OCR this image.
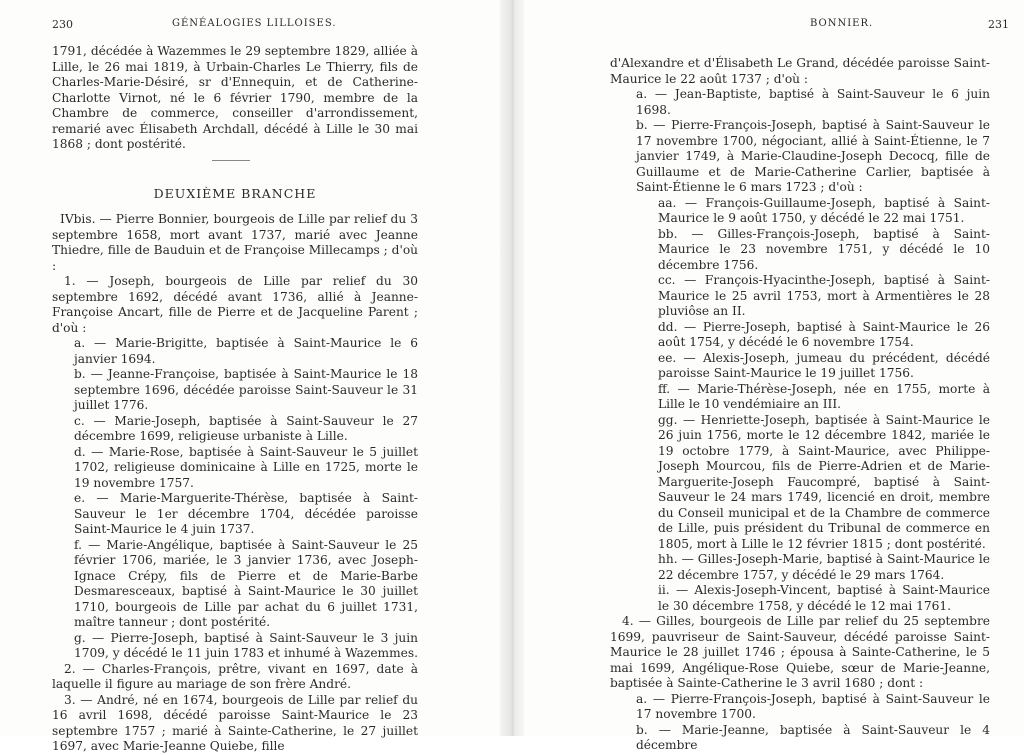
230	GÉNÉALOGIES LILLOISES.

1791, décédée à Wazemmes le 29 septembre 1829, alliée à Lille, le 26 mai 1819, à Urbain-Charles Le Thierry, fils de Charles-Marie-Désiré, sr d'Ennequin, et de Catherine-Charlotte Virnot, né le 6 février 1790, membre de la Chambre de commerce, conseiller d'arrondissement, remarié avec Élisabeth Archdall, décédé à Lille le 30 mai 1868 ; dont postérité.

DEUXIÈME BRANCHE

IVbis. — Pierre Bonnier, bourgeois de Lille par relief du 3 septembre 1658, mort avant 1737, marié avec Jeanne Thiedre, fille de Bauduin et de Françoise Millecamps ; d'où :

1. — Joseph, bourgeois de Lille par relief du 30 septembre 1692, décédé avant 1736, allié à Jeanne-Françoise Ancart, fille de Pierre et de Jacqueline Parent ; d'où :

a. — Marie-Brigitte, baptisée à Saint-Maurice le 6 janvier 1694.

b. — Jeanne-Françoise, baptisée à Saint-Maurice le 18 septembre 1696, décédée paroisse Saint-Sauveur le 31 juillet 1776.

c. — Marie-Joseph, baptisée à Saint-Sauveur le 27 décembre 1699, religieuse urbaniste à Lille.

d. — Marie-Rose, baptisée à Saint-Sauveur le 5 juillet 1702, religieuse dominicaine à Lille en 1725, morte le 19 novembre 1757.

e. — Marie-Marguerite-Thérèse, baptisée à Saint-Sauveur le 1er décembre 1704, décédée paroisse Saint-Maurice le 4 juin 1737.

f. — Marie-Angélique, baptisée à Saint-Sauveur le 25 février 1706, mariée, le 3 janvier 1736, avec Joseph-Ignace Crépy, fils de Pierre et de Marie-Barbe Desmaresceaux, baptisé à Saint-Maurice le 30 juillet 1710, bourgeois de Lille par achat du 6 juillet 1731, maître tanneur ; dont postérité.

g. — Pierre-Joseph, baptisé à Saint-Sauveur le 3 juin 1709, y décédé le 11 juin 1783 et inhumé à Wazemmes.

2. — Charles-François, prêtre, vivant en 1697, date à laquelle il figure au mariage de son frère André.

3. — André, né en 1674, bourgeois de Lille par relief du 16 avril 1698, décédé paroisse Saint-Maurice le 23 septembre 1757 ; marié à Sainte-Catherine, le 27 juillet 1697, avec Marie-Jeanne Quiebe, fille

BONNIER.	231

d'Alexandre et d'Élisabeth Le Grand, décédée paroisse Saint-Maurice le 22 août 1737 ; d'où :

a. — Jean-Baptiste, baptisé à Saint-Sauveur le 6 juin 1698.

b. — Pierre-François-Joseph, baptisé à Saint-Sauveur le 17 novembre 1700, négociant, allié à Saint-Étienne, le 7 janvier 1749, à Marie-Claudine-Joseph Decocq, fille de Guillaume et de Marie-Catherine Carlier, baptisée à Saint-Étienne le 6 mars 1723 ; d'où :

aa. — François-Guillaume-Joseph, baptisé à Saint-Maurice le 9 août 1750, y décédé le 22 mai 1751.

bb. — Gilles-François-Joseph, baptisé à Saint-Maurice le 23 novembre 1751, y décédé le 10 décembre 1756.

cc. — François-Hyacinthe-Joseph, baptisé à Saint-Maurice le 25 avril 1753, mort à Armentières le 28 pluviôse an II.

dd. — Pierre-Joseph, baptisé à Saint-Maurice le 26 août 1754, y décédé le 6 novembre 1754.

ee. — Alexis-Joseph, jumeau du précédent, décédé paroisse Saint-Maurice le 19 juillet 1756.

ff. — Marie-Thérèse-Joseph, née en 1755, morte à Lille le 10 vendémiaire an III.

gg. — Henriette-Joseph, baptisée à Saint-Maurice le 26 juin 1756, morte le 12 décembre 1842, mariée le 19 octobre 1779, à Saint-Maurice, avec Philippe-Joseph Mourcou, fils de Pierre-Adrien et de Marie-Marguerite-Joseph Faucompré, baptisé à Saint-Sauveur le 24 mars 1749, licencié en droit, membre du Conseil municipal et de la Chambre de commerce de Lille, puis président du Tribunal de commerce en 1805, mort à Lille le 12 février 1815 ; dont postérité.

hh. — Gilles-Joseph-Marie, baptisé à Saint-Maurice le 22 décembre 1757, y décédé le 29 mars 1764.

ii. — Alexis-Joseph-Vincent, baptisé à Saint-Maurice le 30 décembre 1758, y décédé le 12 mai 1761.

4. — Gilles, bourgeois de Lille par relief du 25 septembre 1699, pauvriseur de Saint-Sauveur, décédé paroisse Saint-Maurice le 28 juillet 1746 ; épousa à Sainte-Catherine, le 5 mai 1699, Angélique-Rose Quiebe, sœur de Marie-Jeanne, baptisée à Sainte-Catherine le 3 avril 1680 ; dont :

a. — Pierre-François-Joseph, baptisé à Saint-Sauveur le 17 novembre 1700.

b. — Marie-Jeanne, baptisée à Saint-Sauveur le 4 décembre
